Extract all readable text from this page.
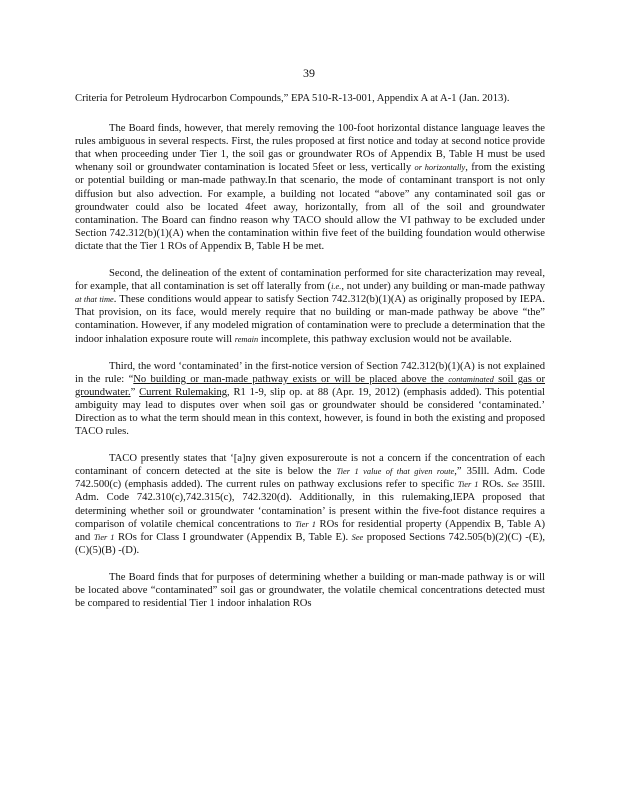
39

Criteria for Petroleum Hydrocarbon Compounds,” EPA 510-R-13-001, Appendix A at A-1 (Jan. 2013).

The Board finds, however, that merely removing the 100-foot horizontal distance language leaves the rules ambiguous in several respects. First, the rules proposed at first notice and today at second notice provide that when proceeding under Tier 1, the soil gas or groundwater ROs of Appendix B, Table H must be used whenany soil or groundwater contamination is located 5feet or less, vertically or horizontally, from the existing or potential building or man-made pathway.In that scenario, the mode of contaminant transport is not only diffusion but also advection. For example, a building not located “above” any contaminated soil gas or groundwater could also be located 4feet away, horizontally, from all of the soil and groundwater contamination. The Board can findno reason why TACO should allow the VI pathway to be excluded under Section 742.312(b)(1)(A) when the contamination within five feet of the building foundation would otherwise dictate that the Tier 1 ROs of Appendix B, Table H be met.

Second, the delineation of the extent of contamination performed for site characterization may reveal, for example, that all contamination is set off laterally from (i.e., not under) any building or man-made pathway at that time. These conditions would appear to satisfy Section 742.312(b)(1)(A) as originally proposed by IEPA. That provision, on its face, would merely require that no building or man-made pathway be above “the” contamination. However, if any modeled migration of contamination were to preclude a determination that the indoor inhalation exposure route will remain incomplete, this pathway exclusion would not be available.

Third, the word ‘contaminated’ in the first-notice version of Section 742.312(b)(1)(A) is not explained in the rule: “No building or man-made pathway exists or will be placed above the contaminated soil gas or groundwater.” Current Rulemaking, R1 1-9, slip op. at 88 (Apr. 19, 2012) (emphasis added). This potential ambiguity may lead to disputes over when soil gas or groundwater should be considered ‘contaminated.’ Direction as to what the term should mean in this context, however, is found in both the existing and proposed TACO rules.

TACO presently states that ‘[a]ny given exposureroute is not a concern if the concentration of each contaminant of concern detected at the site is below the Tier 1 value of that given route,” 35Ill. Adm. Code 742.500(c) (emphasis added). The current rules on pathway exclusions refer to specific Tier 1 ROs. See 35Ill. Adm. Code 742.310(c),742.315(c), 742.320(d). Additionally, in this rulemaking,IEPA proposed that determining whether soil or groundwater ‘contamination’ is present within the five-foot distance requires a comparison of volatile chemical concentrations to Tier 1 ROs for residential property (Appendix B, Table A) and Tier 1 ROs for Class I groundwater (Appendix B, Table E). See proposed Sections 742.505(b)(2)(C) -(E), (C)(5)(B) -(D).

The Board finds that for purposes of determining whether a building or man-made pathway is or will be located above “contaminated” soil gas or groundwater, the volatile chemical concentrations detected must be compared to residential Tier 1 indoor inhalation ROs
